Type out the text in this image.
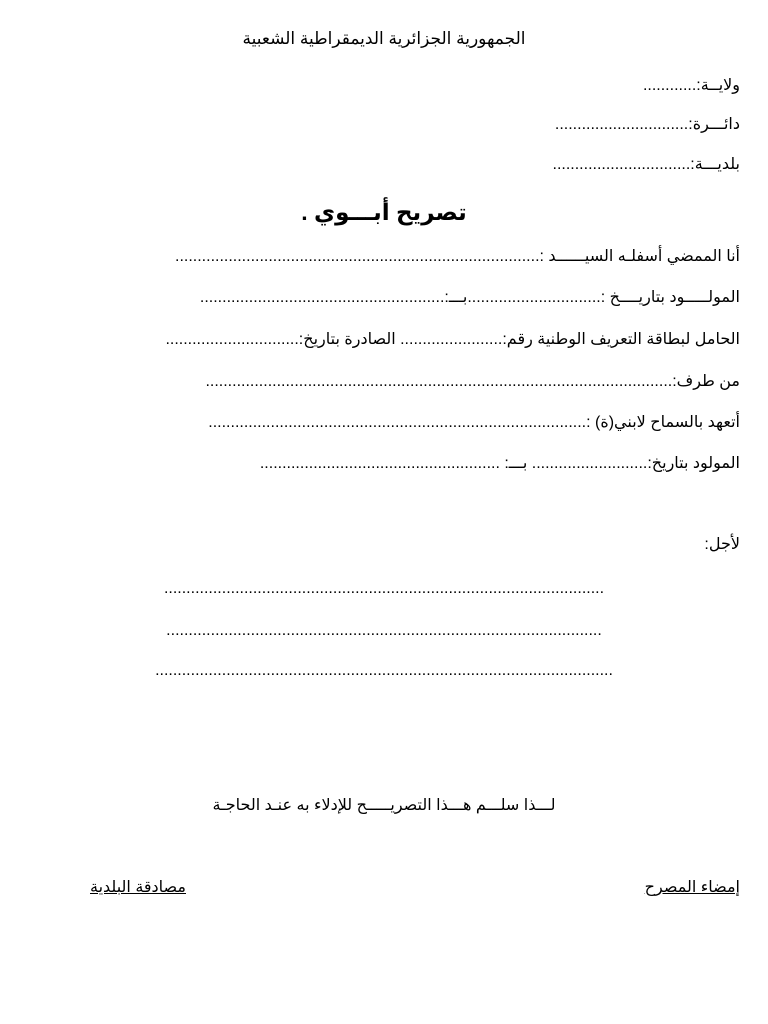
الجمهورية الجزائرية الديمقراطية الشعبية
ولايــة:............
دائـــرة:..............................
بلديـــة:...............................
تصريح أبـــوي .
أنا الممضي أسفلـه السيــــــد :..................................................................................
المولـــــود بتاريــــخ :..............................بـــ:.......................................................
الحامل لبطاقة التعريف الوطنية رقم:....................... الصادرة بتاريخ:..............................
من طرف:.........................................................................................................
أتعهد بالسماح لابني(ة) :.....................................................................................
المولود بتاريخ:.......................... بـــ: ......................................................
لأجل:
...................................................................................................
..................................................................................................
.......................................................................................................
لـــذا سلـــم هـــذا التصريـــــح للإدلاء به عنـد الحاجـة
إمضاء المصرح
مصادقة البلدية
